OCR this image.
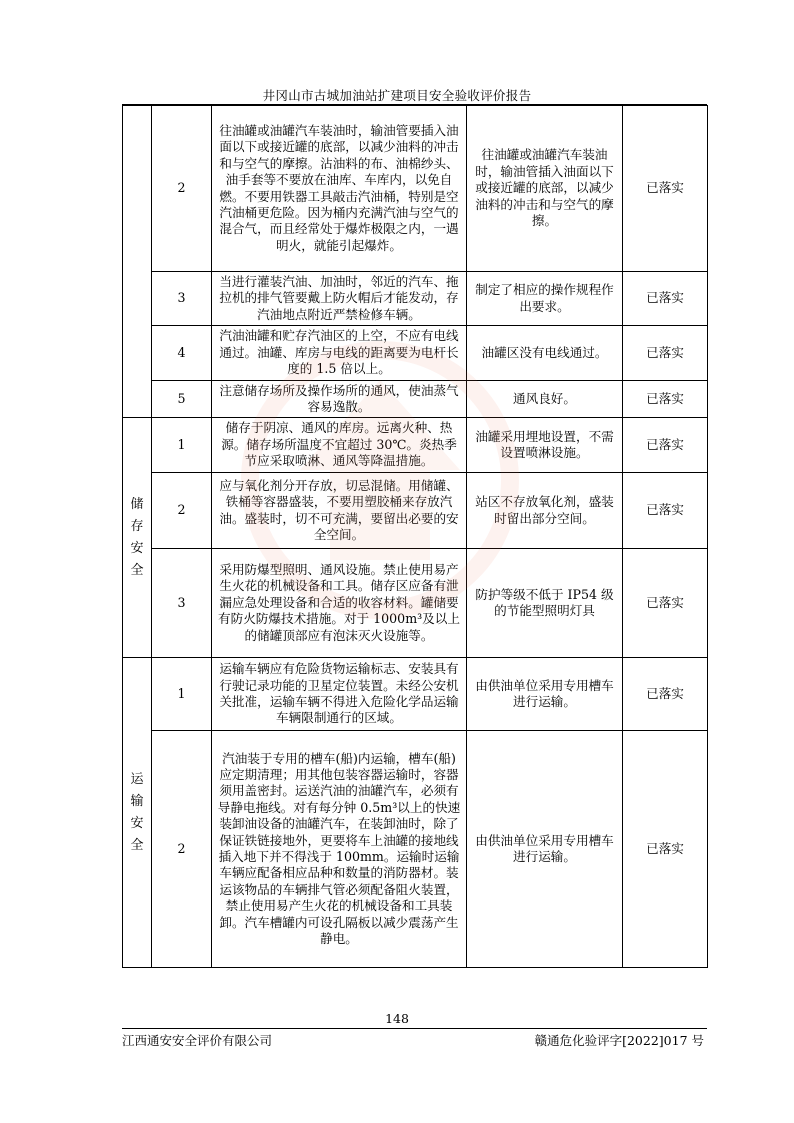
井冈山市古城加油站扩建项目安全验收评价报告
	2	往油罐或油罐汽车装油时，输油管要插入油面以下或接近罐的底部，以减少油料的冲击和与空气的摩擦。沾油料的布、油棉纱头、油手套等不要放在油库、车库内，以免自燃。不要用铁器工具敲击汽油桶，特别是空汽油桶更危险。因为桶内充满汽油与空气的混合气，而且经常处于爆炸极限之内，一遇明火，就能引起爆炸。	往油罐或油罐汽车装油时，输油管插入油面以下或接近罐的底部，以减少油料的冲击和与空气的摩擦。	已落实
	3	当进行灌装汽油、加油时，邻近的汽车、拖拉机的排气管要戴上防火帽后才能发动，存汽油地点附近严禁检修车辆。	制定了相应的操作规程作出要求。	已落实
	4	汽油油罐和贮存汽油区的上空，不应有电线通过。油罐、库房与电线的距离要为电杆长度的 1.5 倍以上。	油罐区没有电线通过。	已落实
	5	注意储存场所及操作场所的通风，使油蒸气容易逸散。	通风良好。	已落实
储存安全	1	储存于阴凉、通风的库房。远离火种、热源。储存场所温度不宜超过 30℃。炎热季节应采取喷淋、通风等降温措施。	油罐采用埋地设置，不需设置喷淋设施。	已落实
	2	应与氧化剂分开存放，切忌混储。用储罐、铁桶等容器盛装，不要用塑胶桶来存放汽油。盛装时，切不可充满，要留出必要的安全空间。	站区不存放氧化剂，盛装时留出部分空间。	已落实
	3	采用防爆型照明、通风设施。禁止使用易产生火花的机械设备和工具。储存区应备有泄漏应急处理设备和合适的收容材料。罐储要有防火防爆技术措施。对于 1000m³及以上的储罐顶部应有泡沫灭火设施等。	防护等级不低于 IP54 级的节能型照明灯具	已落实
运输安全	1	运输车辆应有危险货物运输标志、安装具有行驶记录功能的卫星定位装置。未经公安机关批准，运输车辆不得进入危险化学品运输车辆限制通行的区域。	由供油单位采用专用槽车进行运输。	已落实
	2	汽油装于专用的槽车(船)内运输，槽车(船)应定期清理；用其他包装容器运输时，容器须用盖密封。运送汽油的油罐汽车，必须有导静电拖线。对有每分钟 0.5m³以上的快速装卸油设备的油罐汽车，在装卸油时，除了保证铁链接地外，更要将车上油罐的接地线插入地下并不得浅于 100mm。运输时运输车辆应配备相应品种和数量的消防器材。装运该物品的车辆排气管必须配备阻火装置，禁止使用易产生火花的机械设备和工具装卸。汽车槽罐内可设孔隔板以减少震荡产生静电。	由供油单位采用专用槽车进行运输。	已落实
148
江西通安安全评价有限公司	赣通危化验评字[2022]017 号
